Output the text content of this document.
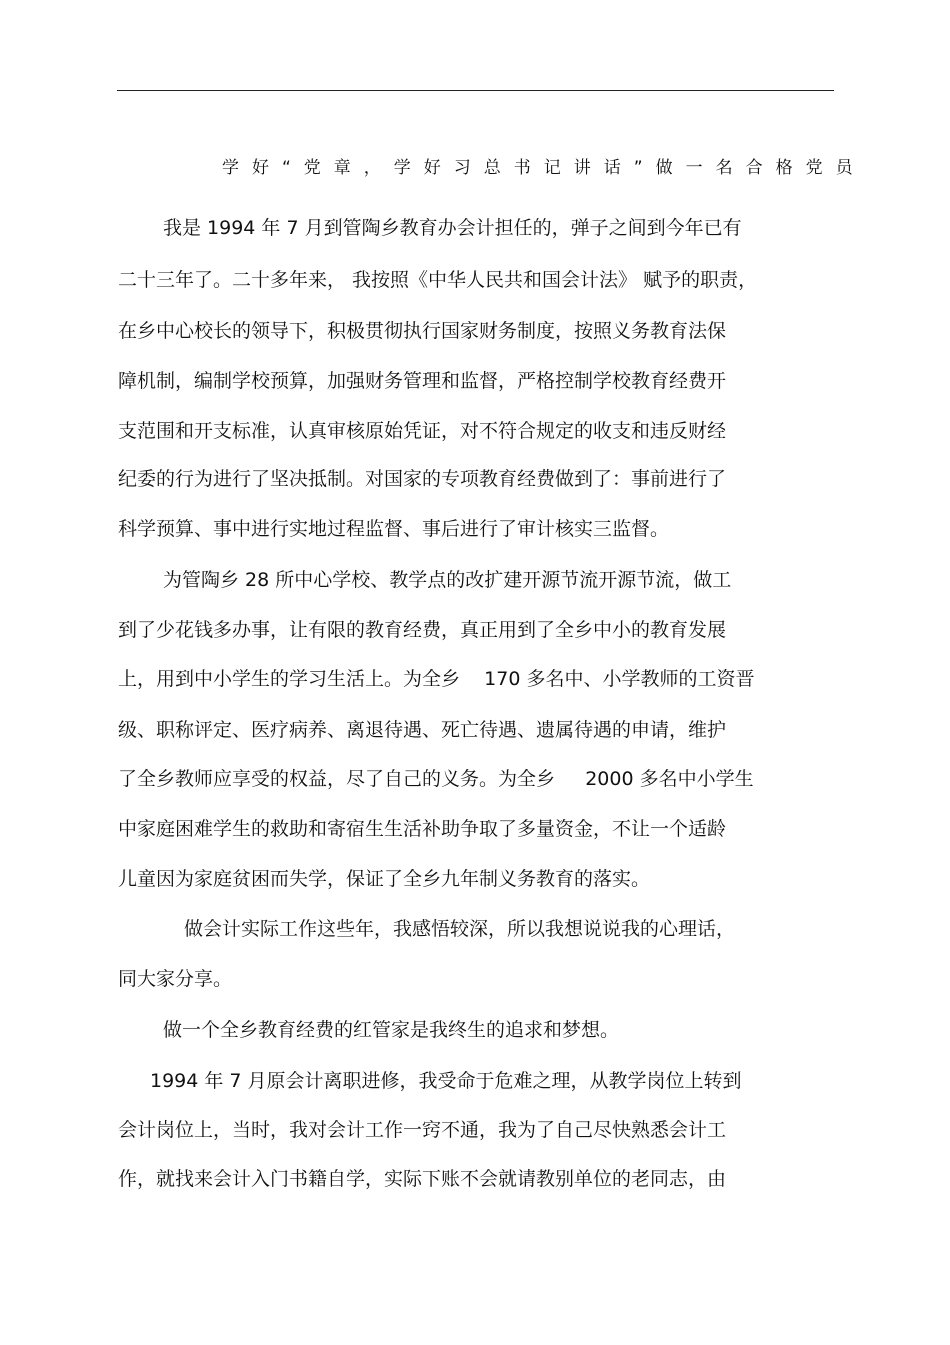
学好“党章，学好习总书记讲话”做一名合格党员
我是 1994 年 7 月到管陶乡教育办会计担任的，弹子之间到今年已有
二十三年了。二十多年来， 我按照《中华人民共和国会计法》 赋予的职责，
在乡中心校长的领导下，积极贯彻执行国家财务制度，按照义务教育法保
障机制，编制学校预算，加强财务管理和监督，严格控制学校教育经费开
支范围和开支标准，认真审核原始凭证，对不符合规定的收支和违反财经
纪委的行为进行了坚决抵制。对国家的专项教育经费做到了：事前进行了
科学预算、事中进行实地过程监督、事后进行了审计核实三监督。
为管陶乡 28 所中心学校、教学点的改扩建开源节流开源节流，做工
到了少花钱多办事，让有限的教育经费，真正用到了全乡中小的教育发展
上，用到中小学生的学习生活上。为全乡    170 多名中、小学教师的工资晋
级、职称评定、医疗病养、离退待遇、死亡待遇、遗属待遇的申请，维护
了全乡教师应享受的权益，尽了自己的义务。为全乡     2000 多名中小学生
中家庭困难学生的救助和寄宿生生活补助争取了多量资金，不让一个适龄
儿童因为家庭贫困而失学，保证了全乡九年制义务教育的落实。
做会计实际工作这些年，我感悟较深，所以我想说说我的心理话，
同大家分享。
做一个全乡教育经费的红管家是我终生的追求和梦想。
1994 年 7 月原会计离职进修，我受命于危难之理，从教学岗位上转到
会计岗位上，当时，我对会计工作一窍不通，我为了自己尽快熟悉会计工
作，就找来会计入门书籍自学，实际下账不会就请教别单位的老同志，由
